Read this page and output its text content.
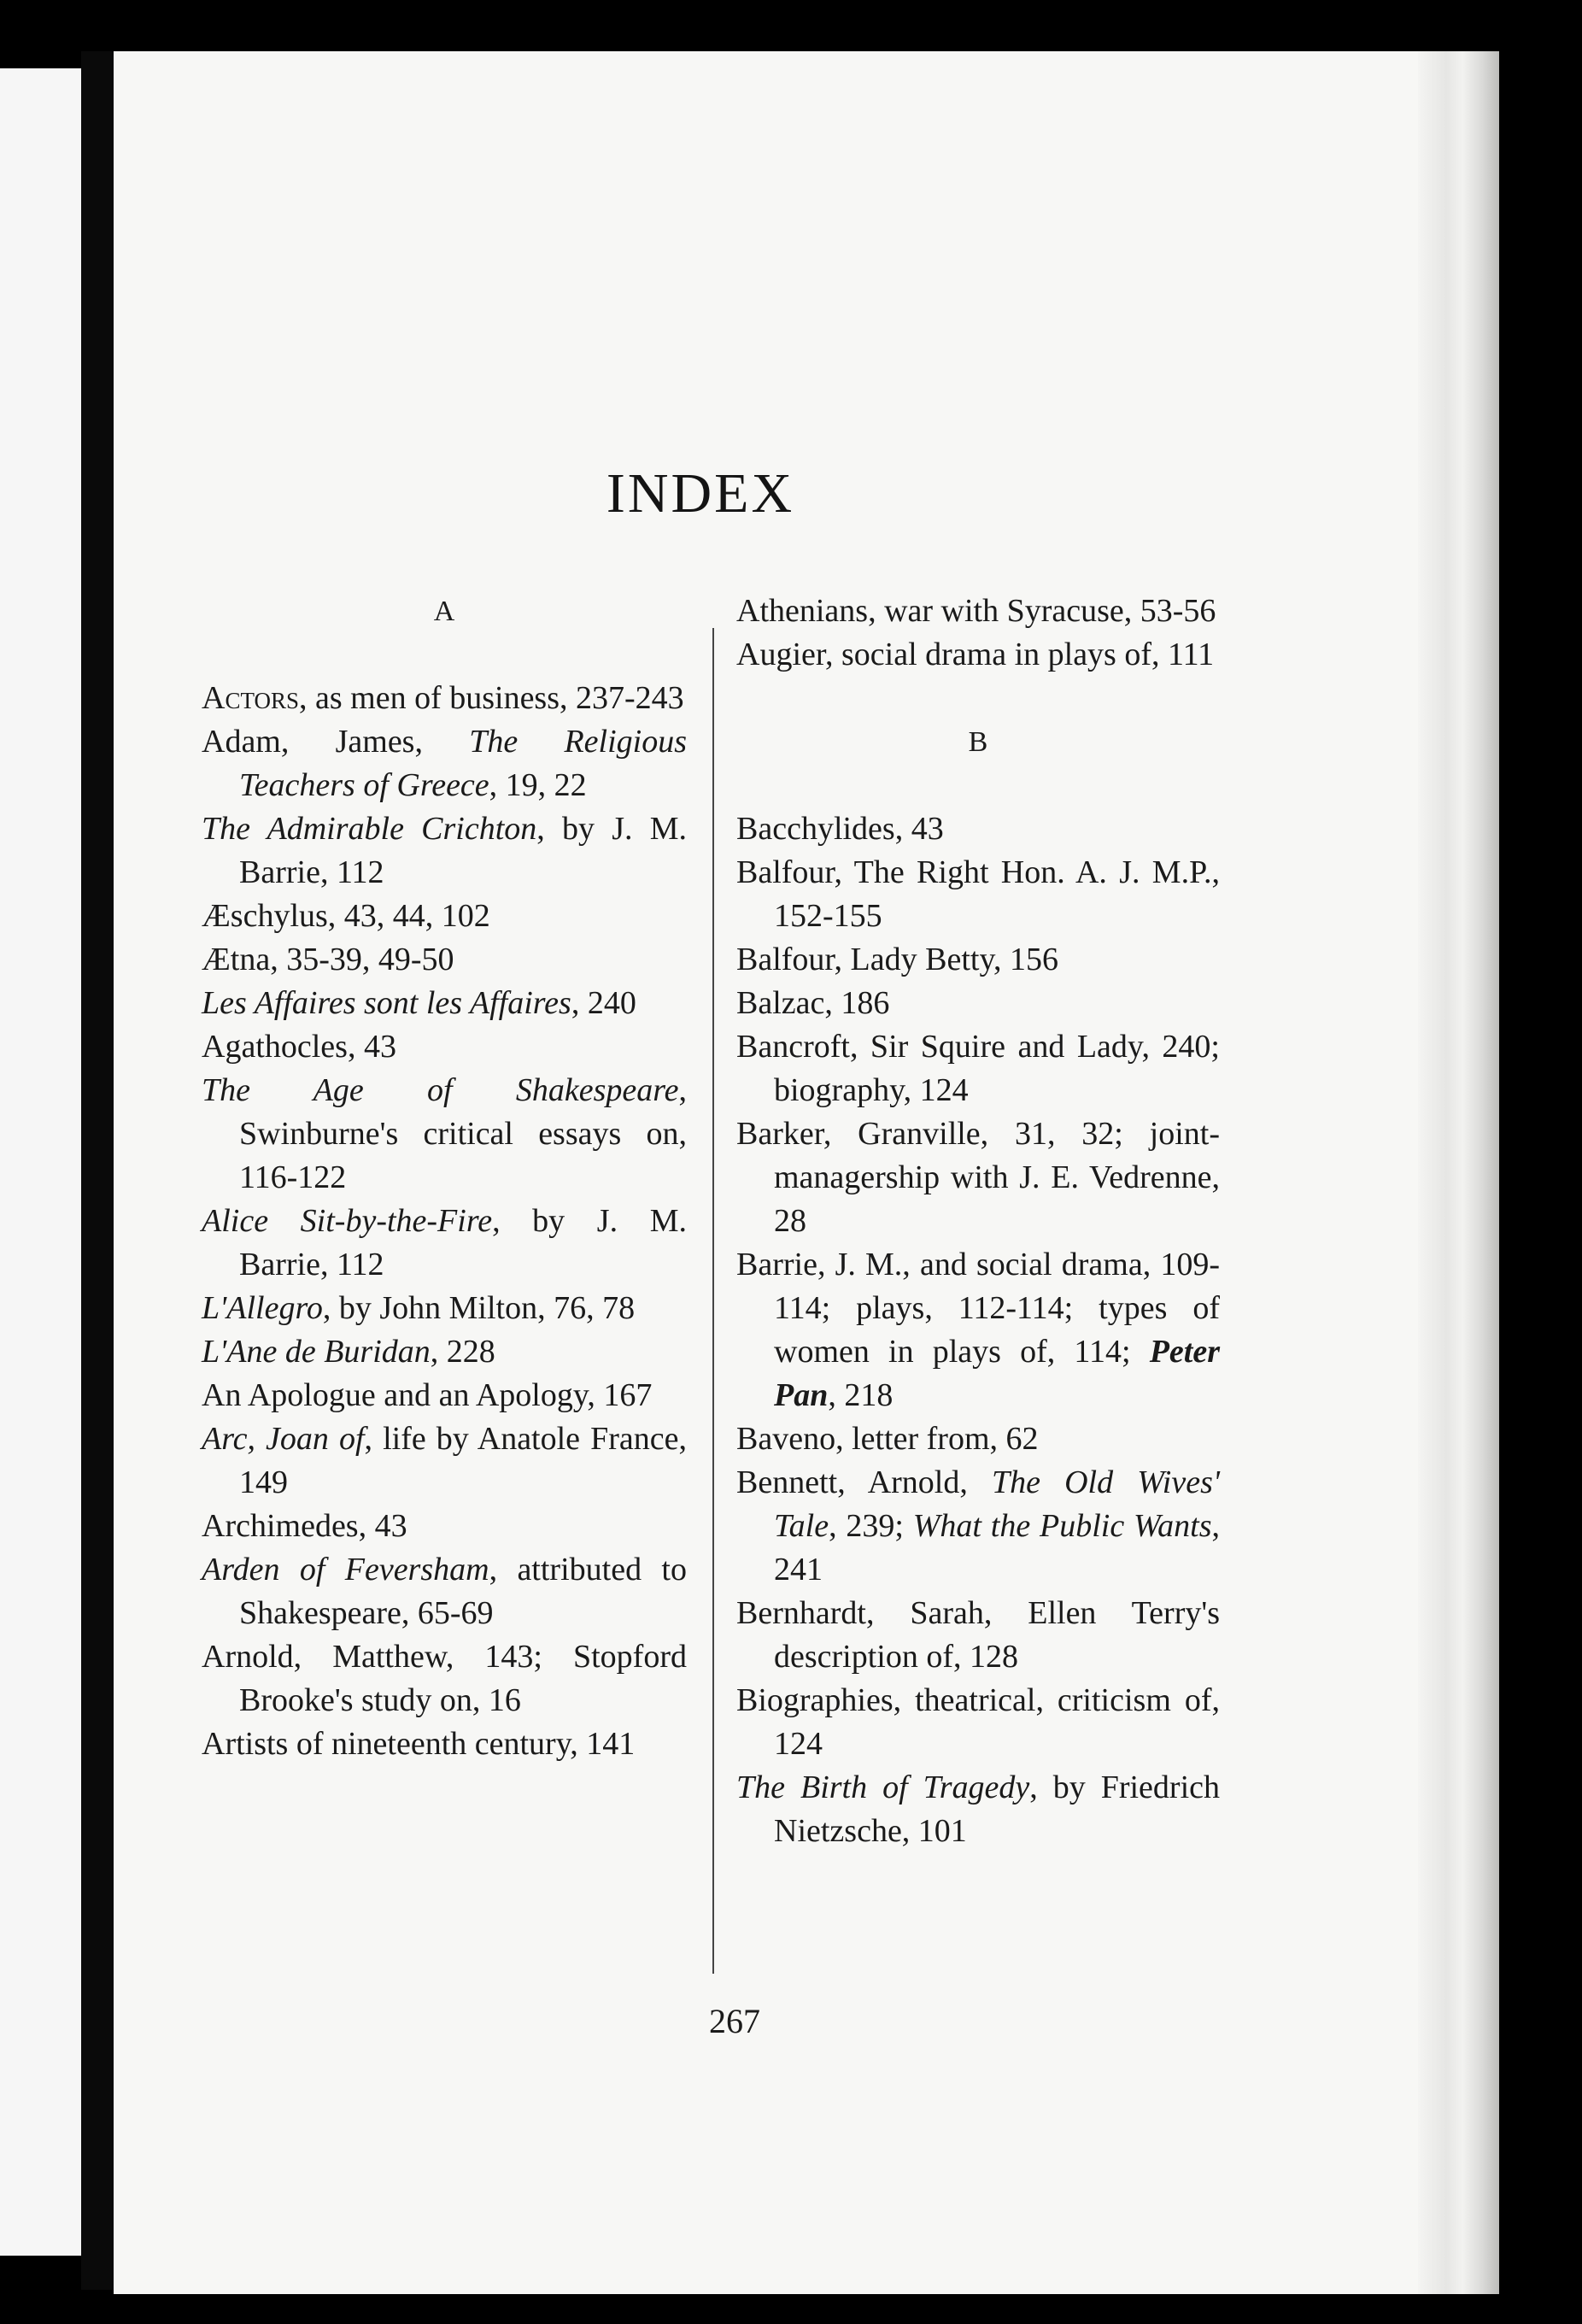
INDEX
A
Actors, as men of business, 237-243
Adam, James, The Religious Teachers of Greece, 19, 22
The Admirable Crichton, by J. M. Barrie, 112
Æschylus, 43, 44, 102
Ætna, 35-39, 49-50
Les Affaires sont les Affaires, 240
Agathocles, 43
The Age of Shakespeare, Swinburne's critical essays on, 116-122
Alice Sit-by-the-Fire, by J. M. Barrie, 112
L'Allegro, by John Milton, 76, 78
L'Ane de Buridan, 228
An Apologue and an Apology, 167
Arc, Joan of, life by Anatole France, 149
Archimedes, 43
Arden of Feversham, attributed to Shakespeare, 65-69
Arnold, Matthew, 143; Stopford Brooke's study on, 16
Artists of nineteenth century, 141
Athenians, war with Syracuse, 53-56
Augier, social drama in plays of, 111
B
Bacchylides, 43
Balfour, The Right Hon. A. J. M.P., 152-155
Balfour, Lady Betty, 156
Balzac, 186
Bancroft, Sir Squire and Lady, 240; biography, 124
Barker, Granville, 31, 32; joint-managership with J. E. Vedrenne, 28
Barrie, J. M., and social drama, 109-114; plays, 112-114; types of women in plays of, 114; Peter Pan, 218
Baveno, letter from, 62
Bennett, Arnold, The Old Wives' Tale, 239; What the Public Wants, 241
Bernhardt, Sarah, Ellen Terry's description of, 128
Biographies, theatrical, criticism of, 124
The Birth of Tragedy, by Friedrich Nietzsche, 101
267
